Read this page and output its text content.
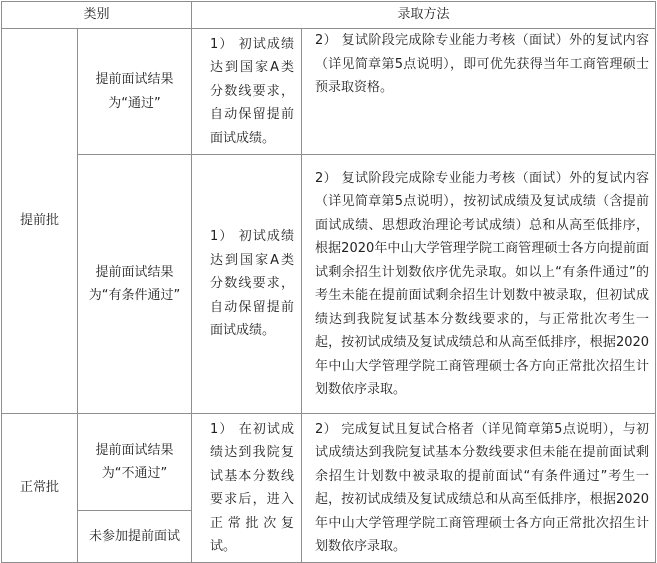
类别		录取方法	
提前批	提前面试结果为“通过”	1） 初试成绩达到国家A类分数线要求，自动保留提前面试成绩。	2） 复试阶段完成除专业能力考核（面试）外的复试内容（详见简章第5点说明），即可优先获得当年工商管理硕士预录取资格。
	提前面试结果为“有条件通过”	1） 初试成绩达到国家A类分数线要求，自动保留提前面试成绩。	2） 复试阶段完成除专业能力考核（面试）外的复试内容（详见简章第5点说明），按初试成绩及复试成绩（含提前面试成绩、思想政治理论考试成绩）总和从高至低排序，根据2020年中山大学管理学院工商管理硕士各方向提前面试剩余招生计划数依序优先录取。如以上“有条件通过”的考生未能在提前面试剩余招生计划数中被录取，但初试成绩达到我院复试基本分数线要求的，与正常批次考生一起，按初试成绩及复试成绩总和从高至低排序，根据2020年中山大学管理学院工商管理硕士各方向正常批次招生计划数依序录取。
正常批	提前面试结果为“不通过”	1） 在初试成绩达到我院复试基本分数线要求后，进入正常批次复试。	2） 完成复试且复试合格者（详见简章第5点说明），与初试成绩达到我院复试基本分数线要求但未能在提前面试剩余招生计划数中被录取的提前面试“有条件通过”考生一起，按初试成绩及复试成绩总和从高至低排序，根据2020年中山大学管理学院工商管理硕士各方向正常批次招生计划数依序录取。
	未参加提前面试		
